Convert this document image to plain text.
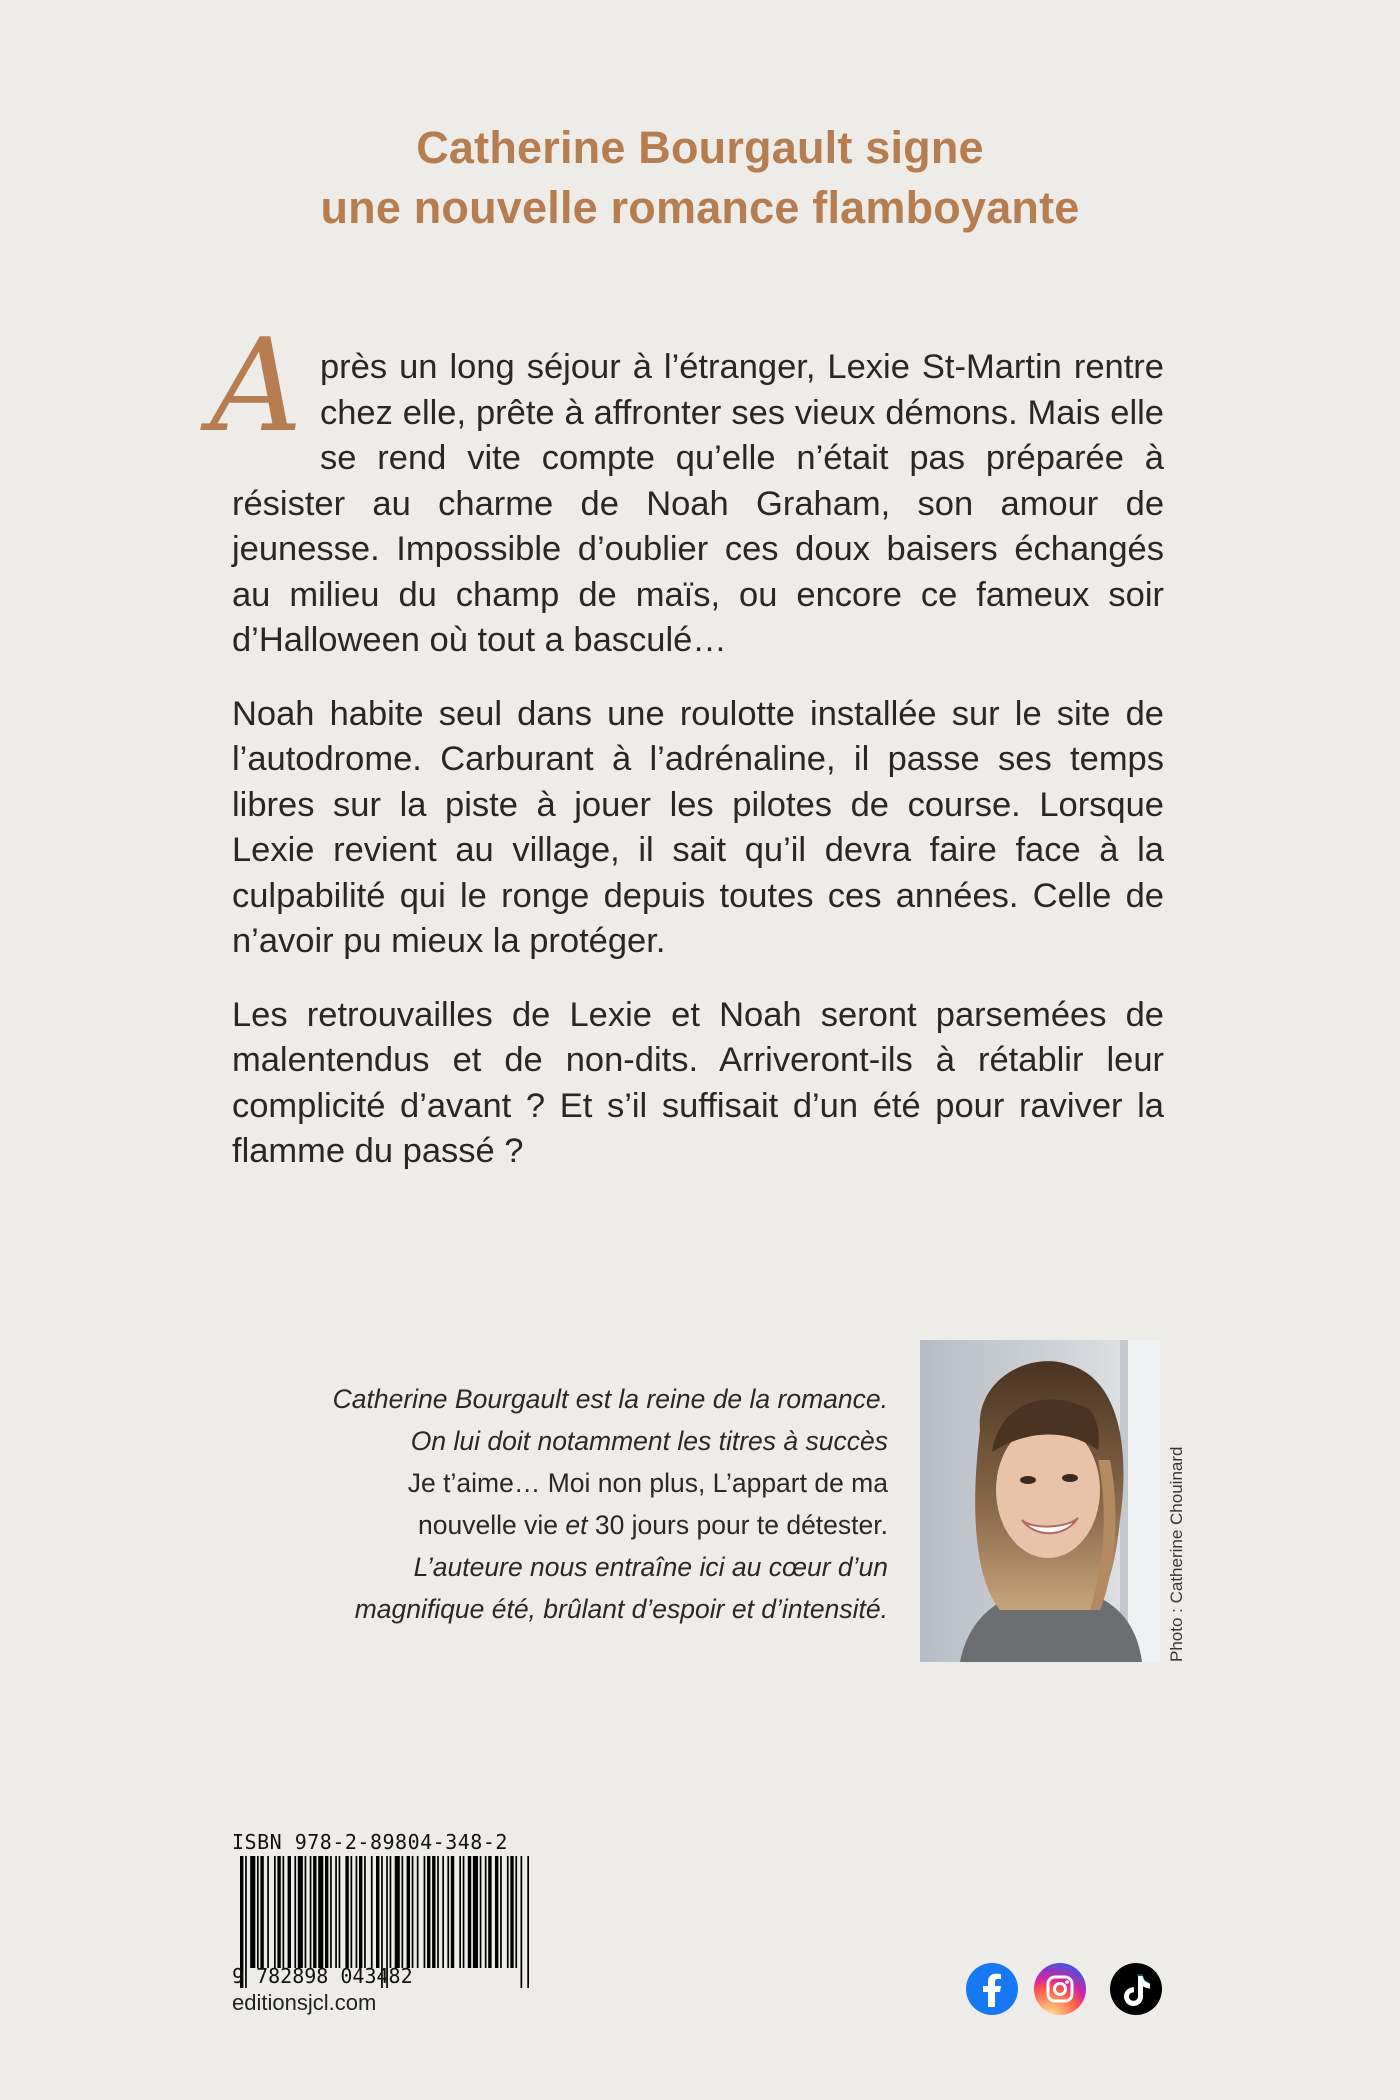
Catherine Bourgault signe
une nouvelle romance flamboyante

Après un long séjour à l’étranger, Lexie St-Martin rentre chez elle, prête à affronter ses vieux démons. Mais elle se rend vite compte qu’elle n’était pas préparée à résister au charme de Noah Graham, son amour de jeunesse. Impossible d’oublier ces doux baisers échangés au milieu du champ de maïs, ou encore ce fameux soir d’Halloween où tout a basculé…

Noah habite seul dans une roulotte installée sur le site de l’autodrome. Carburant à l’adrénaline, il passe ses temps libres sur la piste à jouer les pilotes de course. Lorsque Lexie revient au village, il sait qu’il devra faire face à la culpabilité qui le ronge depuis toutes ces années. Celle de n’avoir pu mieux la protéger.

Les retrouvailles de Lexie et Noah seront parsemées de malentendus et de non-dits. Arriveront-ils à rétablir leur complicité d’avant ? Et s’il suffisait d’un été pour raviver la flamme du passé ?

Catherine Bourgault est la reine de la romance.
On lui doit notamment les titres à succès
Je t’aime… Moi non plus, L’appart de ma
nouvelle vie et 30 jours pour te détester.
L’auteure nous entraîne ici au cœur d’un
magnifique été, brûlant d’espoir et d’intensité.	Photo : Catherine Chouinard
ISBN 978-2-89804-348-2
9 782898 043482
editionsjcl.com
